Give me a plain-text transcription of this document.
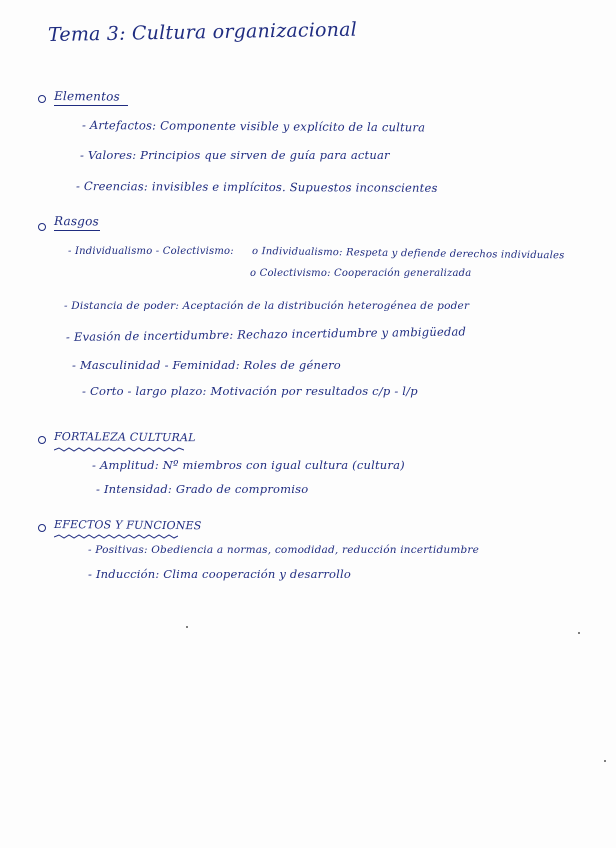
Tema 3: Cultura organizacional
Elementos
- Artefactos: Componente visible y explícito de la cultura
- Valores: Principios que sirven de guía para actuar
- Creencias: invisibles e implícitos. Supuestos inconscientes
Rasgos
- Individualismo - Colectivismo: o Individualismo: Respeta y defiende derechos individuales
o Colectivismo: Cooperación generalizada
- Distancia de poder: Aceptación de la distribución heterogénea de poder
- Evasión de incertidumbre: Rechazo incertidumbre y ambigüedad
- Masculinidad - Feminidad: Roles de género
- Corto - largo plazo: Motivación por resultados c/p - l/p
FORTALEZA CULTURAL
- Amplitud: Nº miembros con igual cultura (cultura)
- Intensidad: Grado de compromiso
EFECTOS Y FUNCIONES
- Positivas: Obediencia a normas, comodidad, reducción incertidumbre
- Inducción: Clima cooperación y desarrollo
